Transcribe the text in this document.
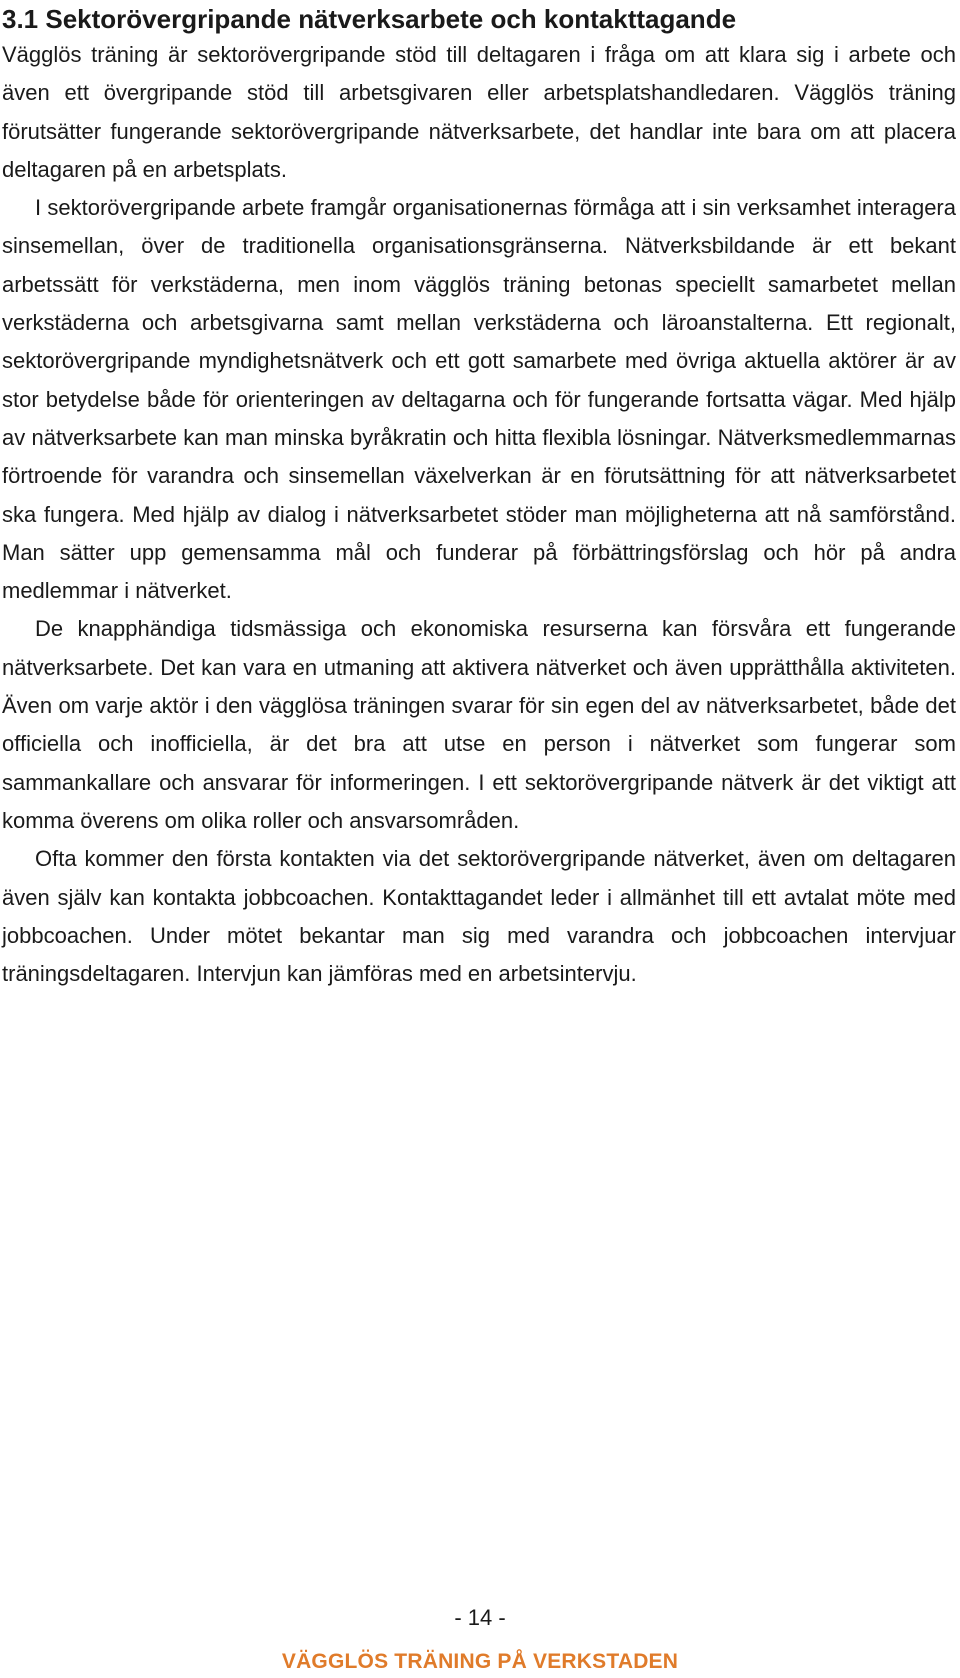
3.1 Sektorövergripande nätverksarbete och kontakttagande

Vägglös träning är sektorövergripande stöd till deltagaren i fråga om att klara sig i arbete och även ett övergripande stöd till arbetsgivaren eller arbetsplatshandledaren. Vägglös träning förutsätter fungerande sektorövergripande nätverksarbete, det handlar inte bara om att placera deltagaren på en arbetsplats.

I sektorövergripande arbete framgår organisationernas förmåga att i sin verksamhet interagera sinsemellan, över de traditionella organisationsgränserna. Nätverksbildande är ett bekant arbetssätt för verkstäderna, men inom vägglös träning betonas speciellt samarbetet mellan verkstäderna och arbetsgivarna samt mellan verkstäderna och läroanstalterna. Ett regionalt, sektorövergripande myndighetsnätverk och ett gott samarbete med övriga aktuella aktörer är av stor betydelse både för orienteringen av deltagarna och för fungerande fortsatta vägar. Med hjälp av nätverksarbete kan man minska byråkratin och hitta flexibla lösningar. Nätverksmedlemmarnas förtroende för varandra och sinsemellan växelverkan är en förutsättning för att nätverksarbetet ska fungera. Med hjälp av dialog i nätverksarbetet stöder man möjligheterna att nå samförstånd. Man sätter upp gemensamma mål och funderar på förbättringsförslag och hör på andra medlemmar i nätverket.

De knapphändiga tidsmässiga och ekonomiska resurserna kan försvåra ett fungerande nätverksarbete. Det kan vara en utmaning att aktivera nätverket och även upprätthålla aktiviteten. Även om varje aktör i den vägglösa träningen svarar för sin egen del av nätverksarbetet, både det officiella och inofficiella, är det bra att utse en person i nätverket som fungerar som sammankallare och ansvarar för informeringen. I ett sektorövergripande nätverk är det viktigt att komma överens om olika roller och ansvarsområden.

Ofta kommer den första kontakten via det sektorövergripande nätverket, även om deltagaren även själv kan kontakta jobbcoachen. Kontakttagandet leder i allmänhet till ett avtalat möte med jobbcoachen. Under mötet bekantar man sig med varandra och jobbcoachen intervjuar träningsdeltagaren. Intervjun kan jämföras med en arbetsintervju.

- 14 -
VÄGGLÖS TRÄNING PÅ VERKSTADEN
